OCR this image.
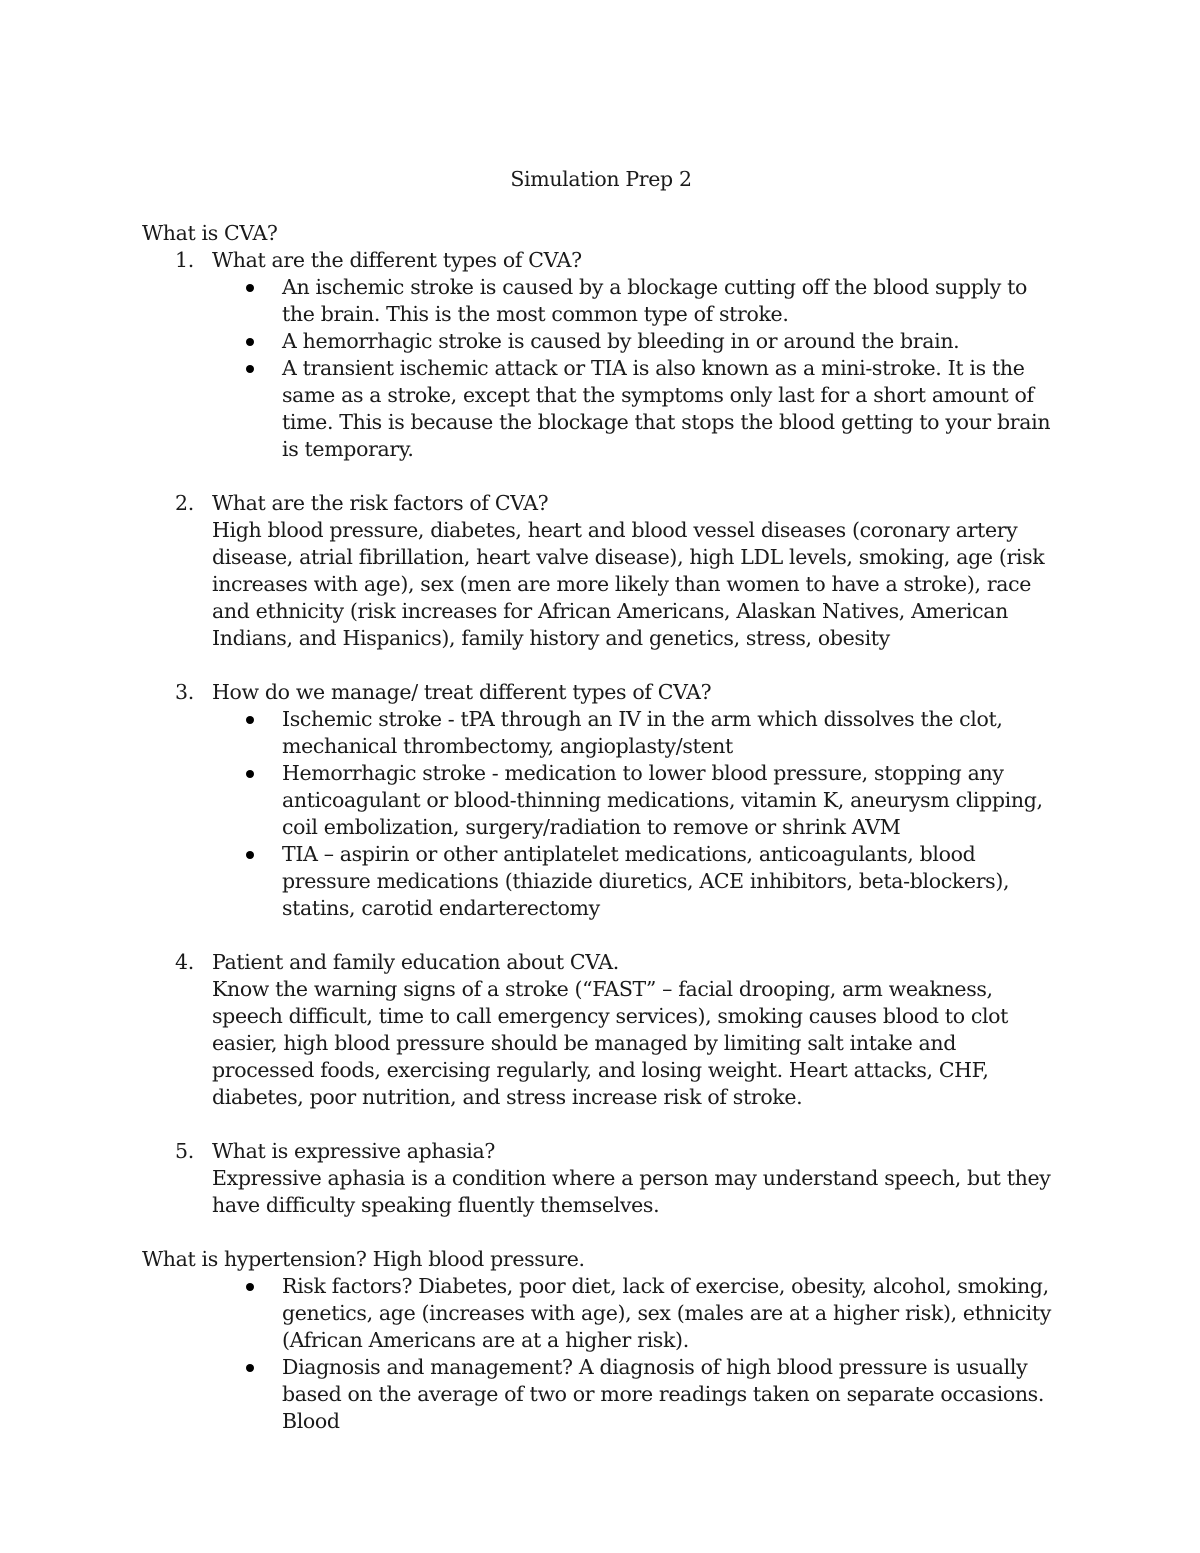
Simulation Prep 2
What is CVA?
1. What are the different types of CVA?
An ischemic stroke is caused by a blockage cutting off the blood supply to the brain. This is the most common type of stroke.
A hemorrhagic stroke is caused by bleeding in or around the brain.
A transient ischemic attack or TIA is also known as a mini-stroke. It is the same as a stroke, except that the symptoms only last for a short amount of time. This is because the blockage that stops the blood getting to your brain is temporary.
2. What are the risk factors of CVA?
High blood pressure, diabetes, heart and blood vessel diseases (coronary artery disease, atrial fibrillation, heart valve disease), high LDL levels, smoking, age (risk increases with age), sex (men are more likely than women to have a stroke), race and ethnicity (risk increases for African Americans, Alaskan Natives, American Indians, and Hispanics), family history and genetics, stress, obesity
3. How do we manage/ treat different types of CVA?
Ischemic stroke - tPA through an IV in the arm which dissolves the clot, mechanical thrombectomy, angioplasty/stent
Hemorrhagic stroke - medication to lower blood pressure, stopping any anticoagulant or blood-thinning medications, vitamin K, aneurysm clipping, coil embolization, surgery/radiation to remove or shrink AVM
TIA – aspirin or other antiplatelet medications, anticoagulants, blood pressure medications (thiazide diuretics, ACE inhibitors, beta-blockers), statins, carotid endarterectomy
4. Patient and family education about CVA.
Know the warning signs of a stroke (“FAST” – facial drooping, arm weakness, speech difficult, time to call emergency services), smoking causes blood to clot easier, high blood pressure should be managed by limiting salt intake and processed foods, exercising regularly, and losing weight. Heart attacks, CHF, diabetes, poor nutrition, and stress increase risk of stroke.
5. What is expressive aphasia?
Expressive aphasia is a condition where a person may understand speech, but they have difficulty speaking fluently themselves.
What is hypertension? High blood pressure.
Risk factors? Diabetes, poor diet, lack of exercise, obesity, alcohol, smoking, genetics, age (increases with age), sex (males are at a higher risk), ethnicity (African Americans are at a higher risk).
Diagnosis and management? A diagnosis of high blood pressure is usually based on the average of two or more readings taken on separate occasions. Blood
